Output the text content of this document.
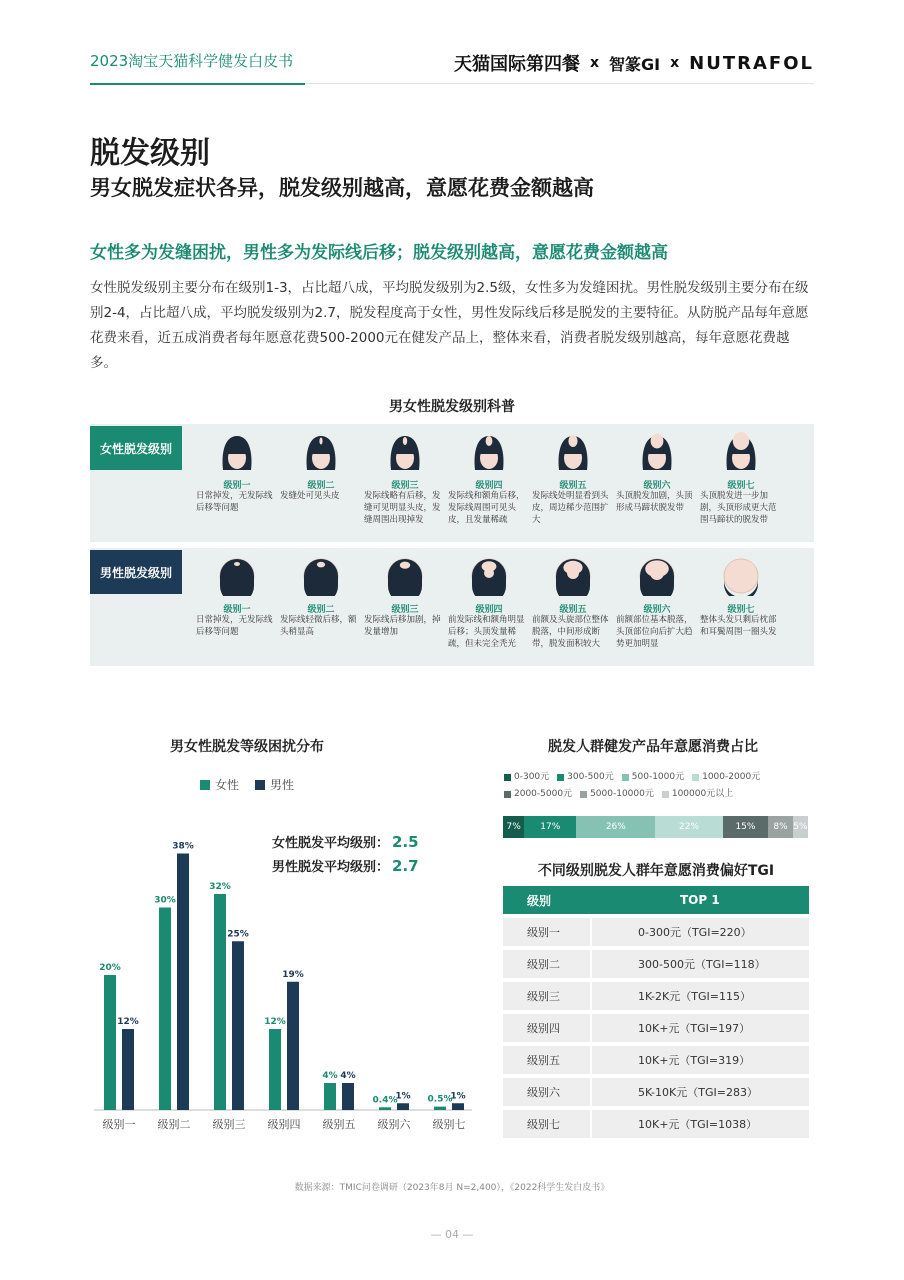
2023淘宝天猫科学健发白皮书	天猫国际第四餐 x 智篆GI x NUTRAFOL
脱发级别
男女脱发症状各异，脱发级别越高，意愿花费金额越高
女性多为发缝困扰，男性多为发际线后移；脱发级别越高，意愿花费金额越高
女性脱发级别主要分布在级别1-3，占比超八成，平均脱发级别为2.5级，女性多为发缝困扰。男性脱发级别主要分布在级别2-4，占比超八成，平均脱发级别为2.7，脱发程度高于女性，男性发际线后移是脱发的主要特征。从防脱产品每年意愿花费来看，近五成消费者每年愿意花费500-2000元在健发产品上，整体来看，消费者脱发级别越高，每年意愿花费越多。
男女性脱发级别科普
女性脱发级别
级别一
日常掉发，无发际线后移等问题
级别二
发缝处可见头皮
级别三
发际线略有后移，发缝可见明显头皮，发缝周围出现掉发
级别四
发际线和额角后移，发际线周围可见头皮，且发量稀疏
级别五
发际线处明显看到头皮，周边稀少范围扩大
级别六
头顶脱发加剧，头顶形成马蹄状脱发带
级别七
头顶脱发进一步加剧，头顶形成更大范围马蹄状的脱发带
男性脱发级别
级别一
日常掉发，无发际线后移等问题
级别二
发际线轻微后移，额头稍显高
级别三
发际线后移加剧，掉发量增加
级别四
前发际线和额角明显后移；头顶发量稀疏，但未完全秃光
级别五
前额及头旋部位整体脱落，中间形成断带，脱发面积较大
级别六
前额部位基本脱落，头顶部位向后扩大趋势更加明显
级别七
整体头发只剩后枕部和耳鬓周围一圈头发
男女性脱发等级困扰分布
女性	男性
女性脱发平均级别： 2.5
男性脱发平均级别： 2.7
20%
12%
级别一
30%
38%
级别二
32%
25%
级别三
12%
19%
级别四
4% 4%
级别五
0.4%
1%
级别六
0.5%
1%
级别七
脱发人群健发产品年意愿消费占比
0-300元 300-500元 500-1000元 1000-2000元

2000-5000元 5000-10000元 100000元以上
7%	17%	26%	22%	15%	8% 5%
不同级别脱发人群年意愿消费偏好TGI
级别	TOP 1
级别一	0-300元（TGI=220）
级别二	300-500元（TGI=118）
级别三	1K-2K元（TGI=115）
级别四	10K+元（TGI=197）
级别五	10K+元（TGI=319）
级别六	5K-10K元（TGI=283）
级别七	10K+元（TGI=1038）
数据来源：TMIC问卷调研（2023年8月 N=2,400），《2022科学生发白皮书》
— 04 —
